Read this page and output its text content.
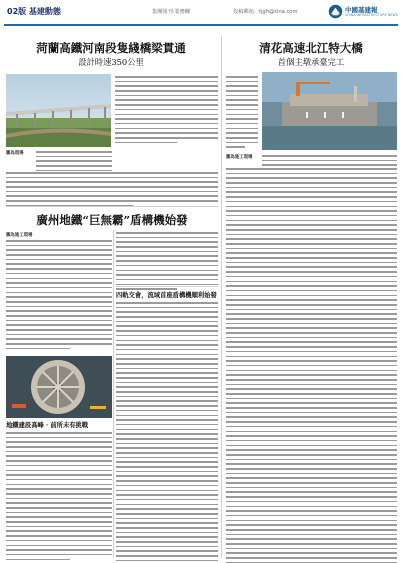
02版 基建動態	集團報刊·業務欄	投稿郵箱：tjgh@sina.com	中國基建報
CHINA INFRASTRUCTURE NEWS
菏蘭高鐵河南段隻綫橋梁貫通
設計時速350公里
清花高速北江特大橋
首個主墩承臺完工
圖為現場
圖為施工現場
廣州地鐵“巨無霸”盾構機始發
圖為施工現場
四軌交會，流域首座盾構機順利始發
地鐵建設高峰 · 前所未有挑戰
